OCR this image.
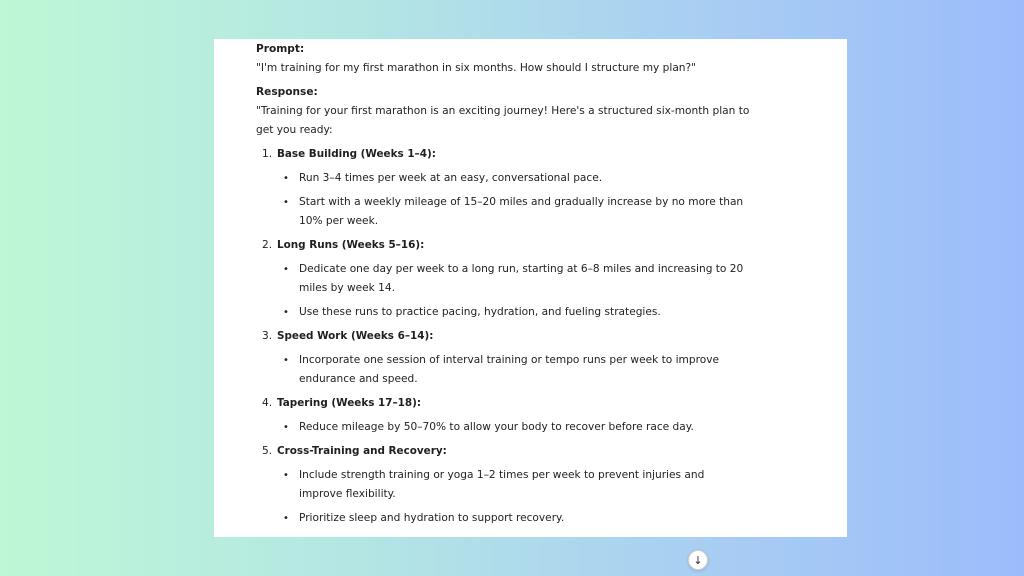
Prompt:

"I'm training for my first marathon in six months. How should I structure my plan?"

Response:

"Training for your first marathon is an exciting journey! Here's a structured six-month plan to get you ready:

1. Base Building (Weeks 1–4):
• Run 3–4 times per week at an easy, conversational pace.
• Start with a weekly mileage of 15–20 miles and gradually increase by no more than 10% per week.
2. Long Runs (Weeks 5–16):
• Dedicate one day per week to a long run, starting at 6–8 miles and increasing to 20 miles by week 14.
• Use these runs to practice pacing, hydration, and fueling strategies.
3. Speed Work (Weeks 6–14):
• Incorporate one session of interval training or tempo runs per week to improve endurance and speed.
4. Tapering (Weeks 17–18):
• Reduce mileage by 50–70% to allow your body to recover before race day.
5. Cross-Training and Recovery:
• Include strength training or yoga 1–2 times per week to prevent injuries and improve flexibility.
• Prioritize sleep and hydration to support recovery.
↓
